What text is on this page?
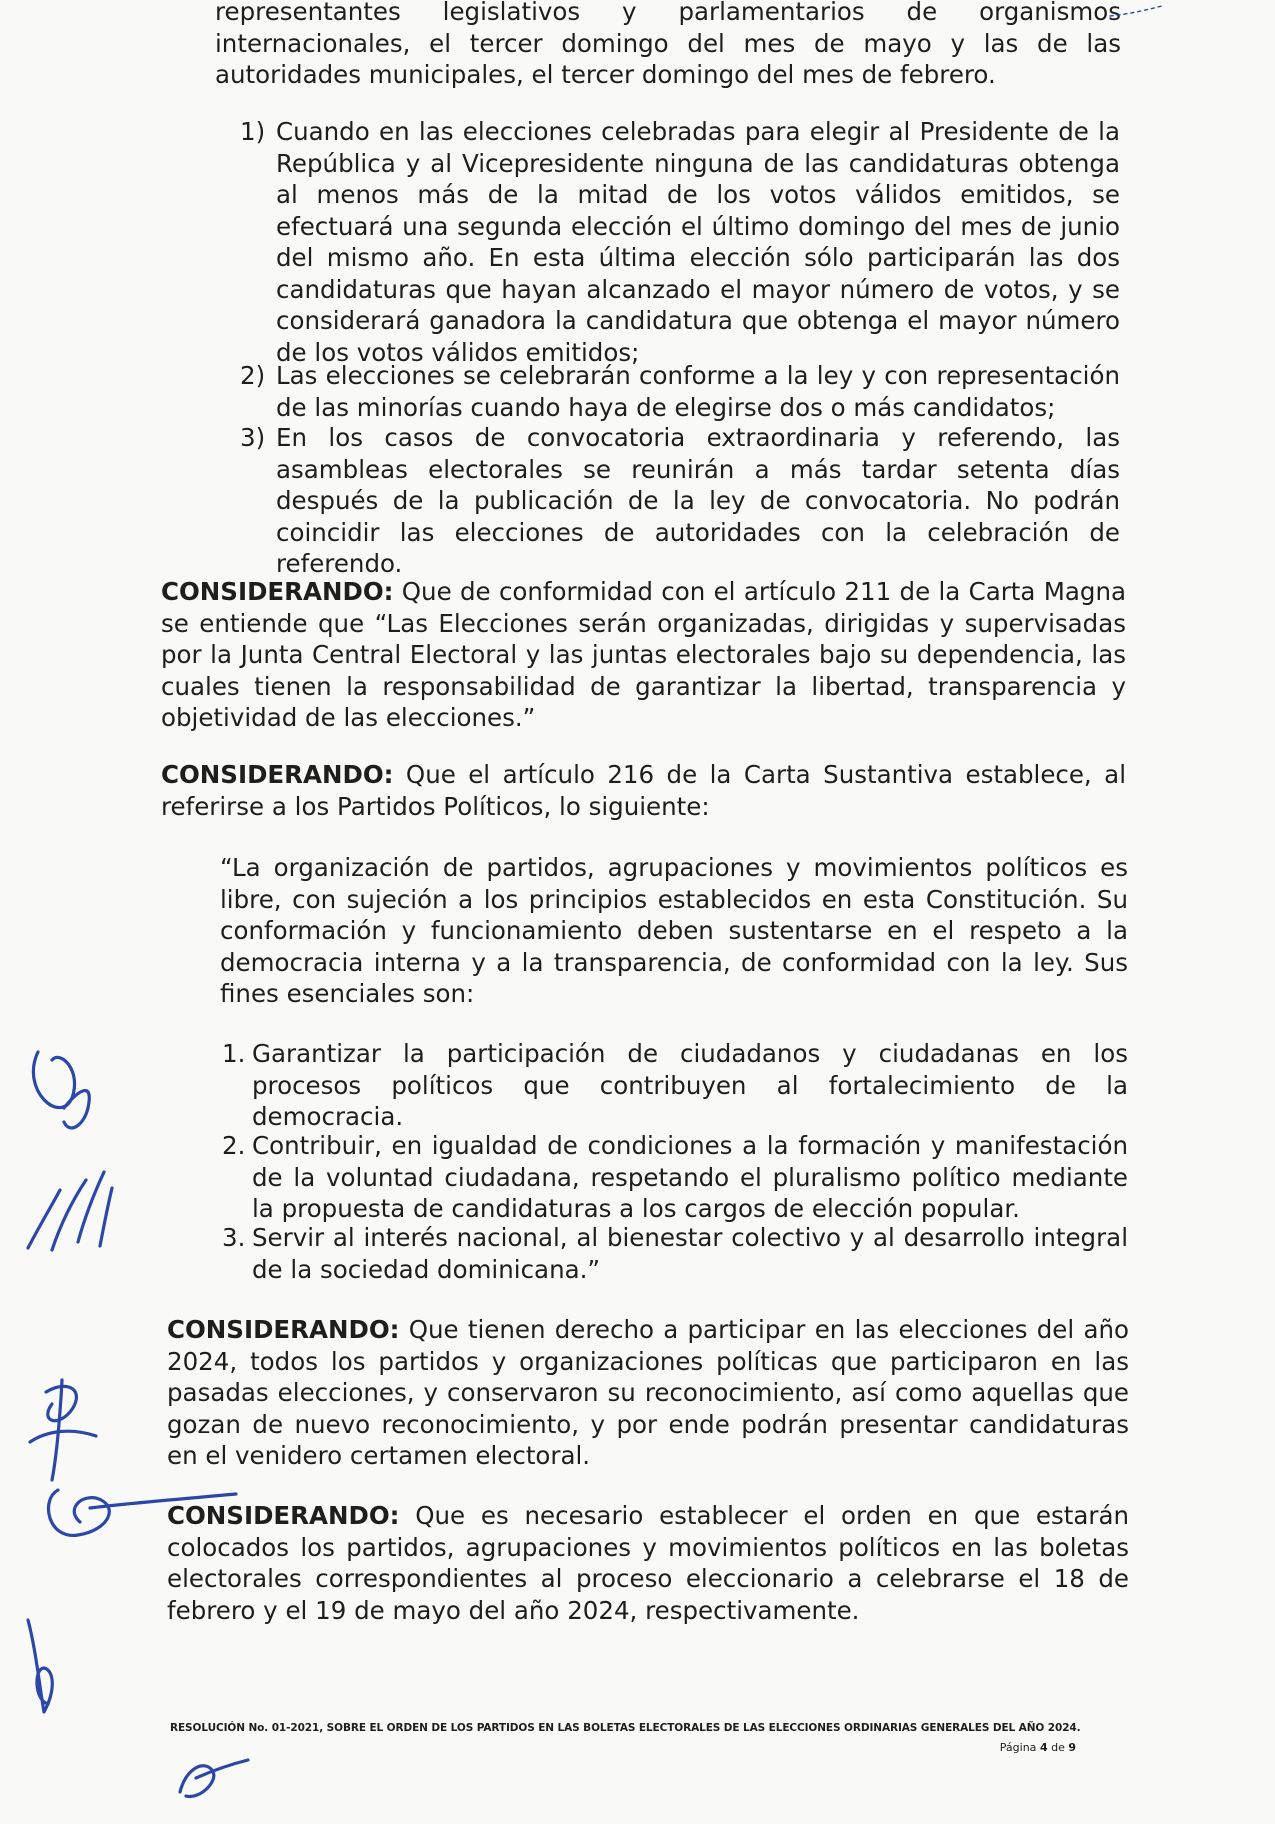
representantes legislativos y parlamentarios de organismos internacionales, el tercer domingo del mes de mayo y las de las autoridades municipales, el tercer domingo del mes de febrero.

1) Cuando en las elecciones celebradas para elegir al Presidente de la República y al Vicepresidente ninguna de las candidaturas obtenga al menos más de la mitad de los votos válidos emitidos, se efectuará una segunda elección el último domingo del mes de junio del mismo año. En esta última elección sólo participarán las dos candidaturas que hayan alcanzado el mayor número de votos, y se considerará ganadora la candidatura que obtenga el mayor número de los votos válidos emitidos;
2) Las elecciones se celebrarán conforme a la ley y con representación de las minorías cuando haya de elegirse dos o más candidatos;
3) En los casos de convocatoria extraordinaria y referendo, las asambleas electorales se reunirán a más tardar setenta días después de la publicación de la ley de convocatoria. No podrán coincidir las elecciones de autoridades con la celebración de referendo.

CONSIDERANDO: Que de conformidad con el artículo 211 de la Carta Magna se entiende que “Las Elecciones serán organizadas, dirigidas y supervisadas por la Junta Central Electoral y las juntas electorales bajo su dependencia, las cuales tienen la responsabilidad de garantizar la libertad, transparencia y objetividad de las elecciones.”

CONSIDERANDO: Que el artículo 216 de la Carta Sustantiva establece, al referirse a los Partidos Políticos, lo siguiente:

“La organización de partidos, agrupaciones y movimientos políticos es libre, con sujeción a los principios establecidos en esta Constitución. Su conformación y funcionamiento deben sustentarse en el respeto a la democracia interna y a la transparencia, de conformidad con la ley. Sus fines esenciales son:

1. Garantizar la participación de ciudadanos y ciudadanas en los procesos políticos que contribuyen al fortalecimiento de la democracia.
2. Contribuir, en igualdad de condiciones a la formación y manifestación de la voluntad ciudadana, respetando el pluralismo político mediante la propuesta de candidaturas a los cargos de elección popular.
3. Servir al interés nacional, al bienestar colectivo y al desarrollo integral de la sociedad dominicana.”

CONSIDERANDO: Que tienen derecho a participar en las elecciones del año 2024, todos los partidos y organizaciones políticas que participaron en las pasadas elecciones, y conservaron su reconocimiento, así como aquellas que gozan de nuevo reconocimiento, y por ende podrán presentar candidaturas en el venidero certamen electoral.

CONSIDERANDO: Que es necesario establecer el orden en que estarán colocados los partidos, agrupaciones y movimientos políticos en las boletas electorales correspondientes al proceso eleccionario a celebrarse el 18 de febrero y el 19 de mayo del año 2024, respectivamente.

RESOLUCIÓN No. 01-2021, SOBRE EL ORDEN DE LOS PARTIDOS EN LAS BOLETAS ELECTORALES DE LAS ELECCIONES ORDINARIAS GENERALES DEL AÑO 2024.
Página 4 de 9
